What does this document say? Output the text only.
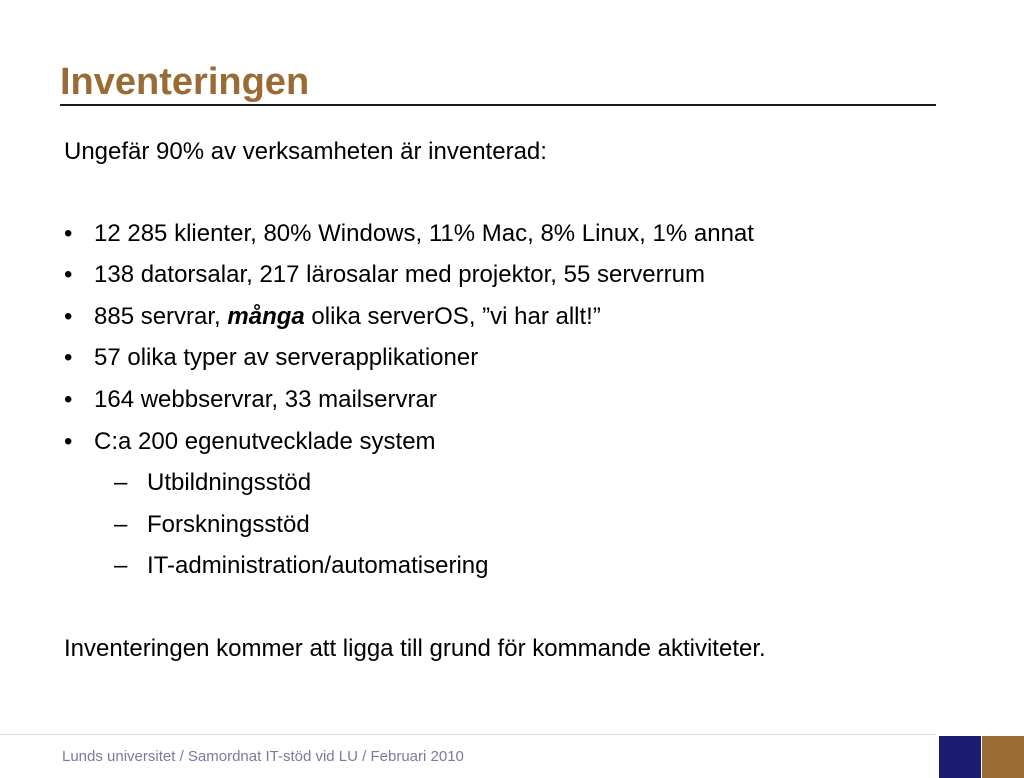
Inventeringen
Ungefär 90% av verksamheten är inventerad:
• 12 285 klienter, 80% Windows, 11% Mac, 8% Linux, 1% annat
• 138 datorsalar, 217 lärosalar med projektor, 55 serverrum
• 885 servrar, många olika serverOS, ”vi har allt!”
• 57 olika typer av serverapplikationer
• 164 webbservrar, 33 mailservrar
• C:a 200 egenutvecklade system
– Utbildningsstöd
– Forskningsstöd
– IT-administration/automatisering
Inventeringen kommer att ligga till grund för kommande aktiviteter.
Lunds universitet / Samordnat IT-stöd vid LU / Februari 2010
